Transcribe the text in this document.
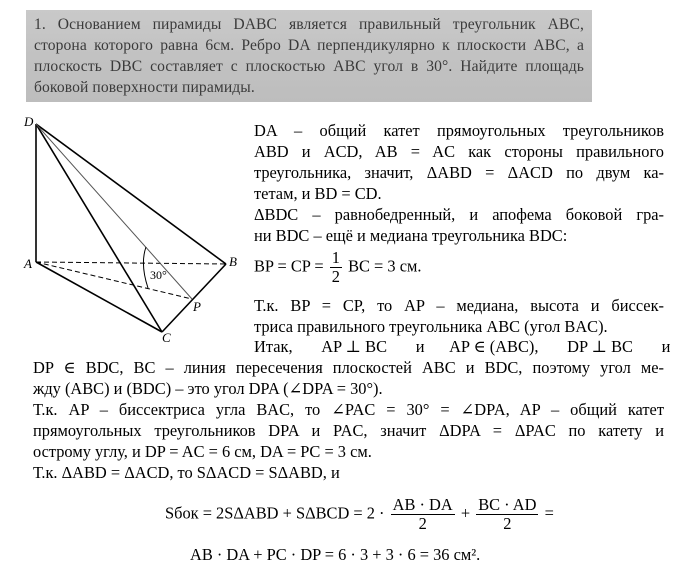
1. Основанием пирамиды DABC является правильный треугольник ABC,
сторона которого равна 6см. Ребро DA перпендикулярно к плоскости ABC, а
плоскость DBC составляет с плоскостью ABC угол в 30°. Найдите площадь
боковой поверхности пирамиды.
D
A	B
C
P
30°
DA – общий катет прямоугольных треугольников
ABD и ACD, AB = AC как стороны правильного
треугольника, значит, ΔABD = ΔACD по двум ка-
тетам, и BD = CD.
ΔBDC – равнобедренный, и апофема боковой гра-
ни BDC – ещё и медиана треугольника BDC:
BP = CP = $\frac{1}{2}$ BC = 3 см.
Т.к. BP = CP, то AP – медиана, высота и биссек-
триса правильного треугольника ABC (угол BAC).
Итак,       AP ⊥ BC       и      AP ∈ (ABC),       DP ⊥ BC       и
DP ∈ BDC, BC – линия пересечения плоскостей ABC и BDC, поэтому угол ме-
жду (ABC) и (BDC) – это угол DPA (∠DPA = 30°).
Т.к. AP – биссектриса угла BAC, то ∠PAC = 30° = ∠DPA, AP – общий катет
прямоугольных треугольников DPA и PAC, значит ΔDPA = ΔPAC по катету и
острому углу, и DP = AC = 6 см, DA = PC = 3 см.
Т.к. ΔABD = ΔACD, то SΔACD = SΔABD, и
Sбок = $2S\Delta ABD + S\Delta BCD = 2 \cdot \frac{AB \cdot DA}{2} + \frac{BC \cdot AD}{2}$ =
AB · DA + PC · DP = 6 · 3 + 3 · 6 = 36 см².
